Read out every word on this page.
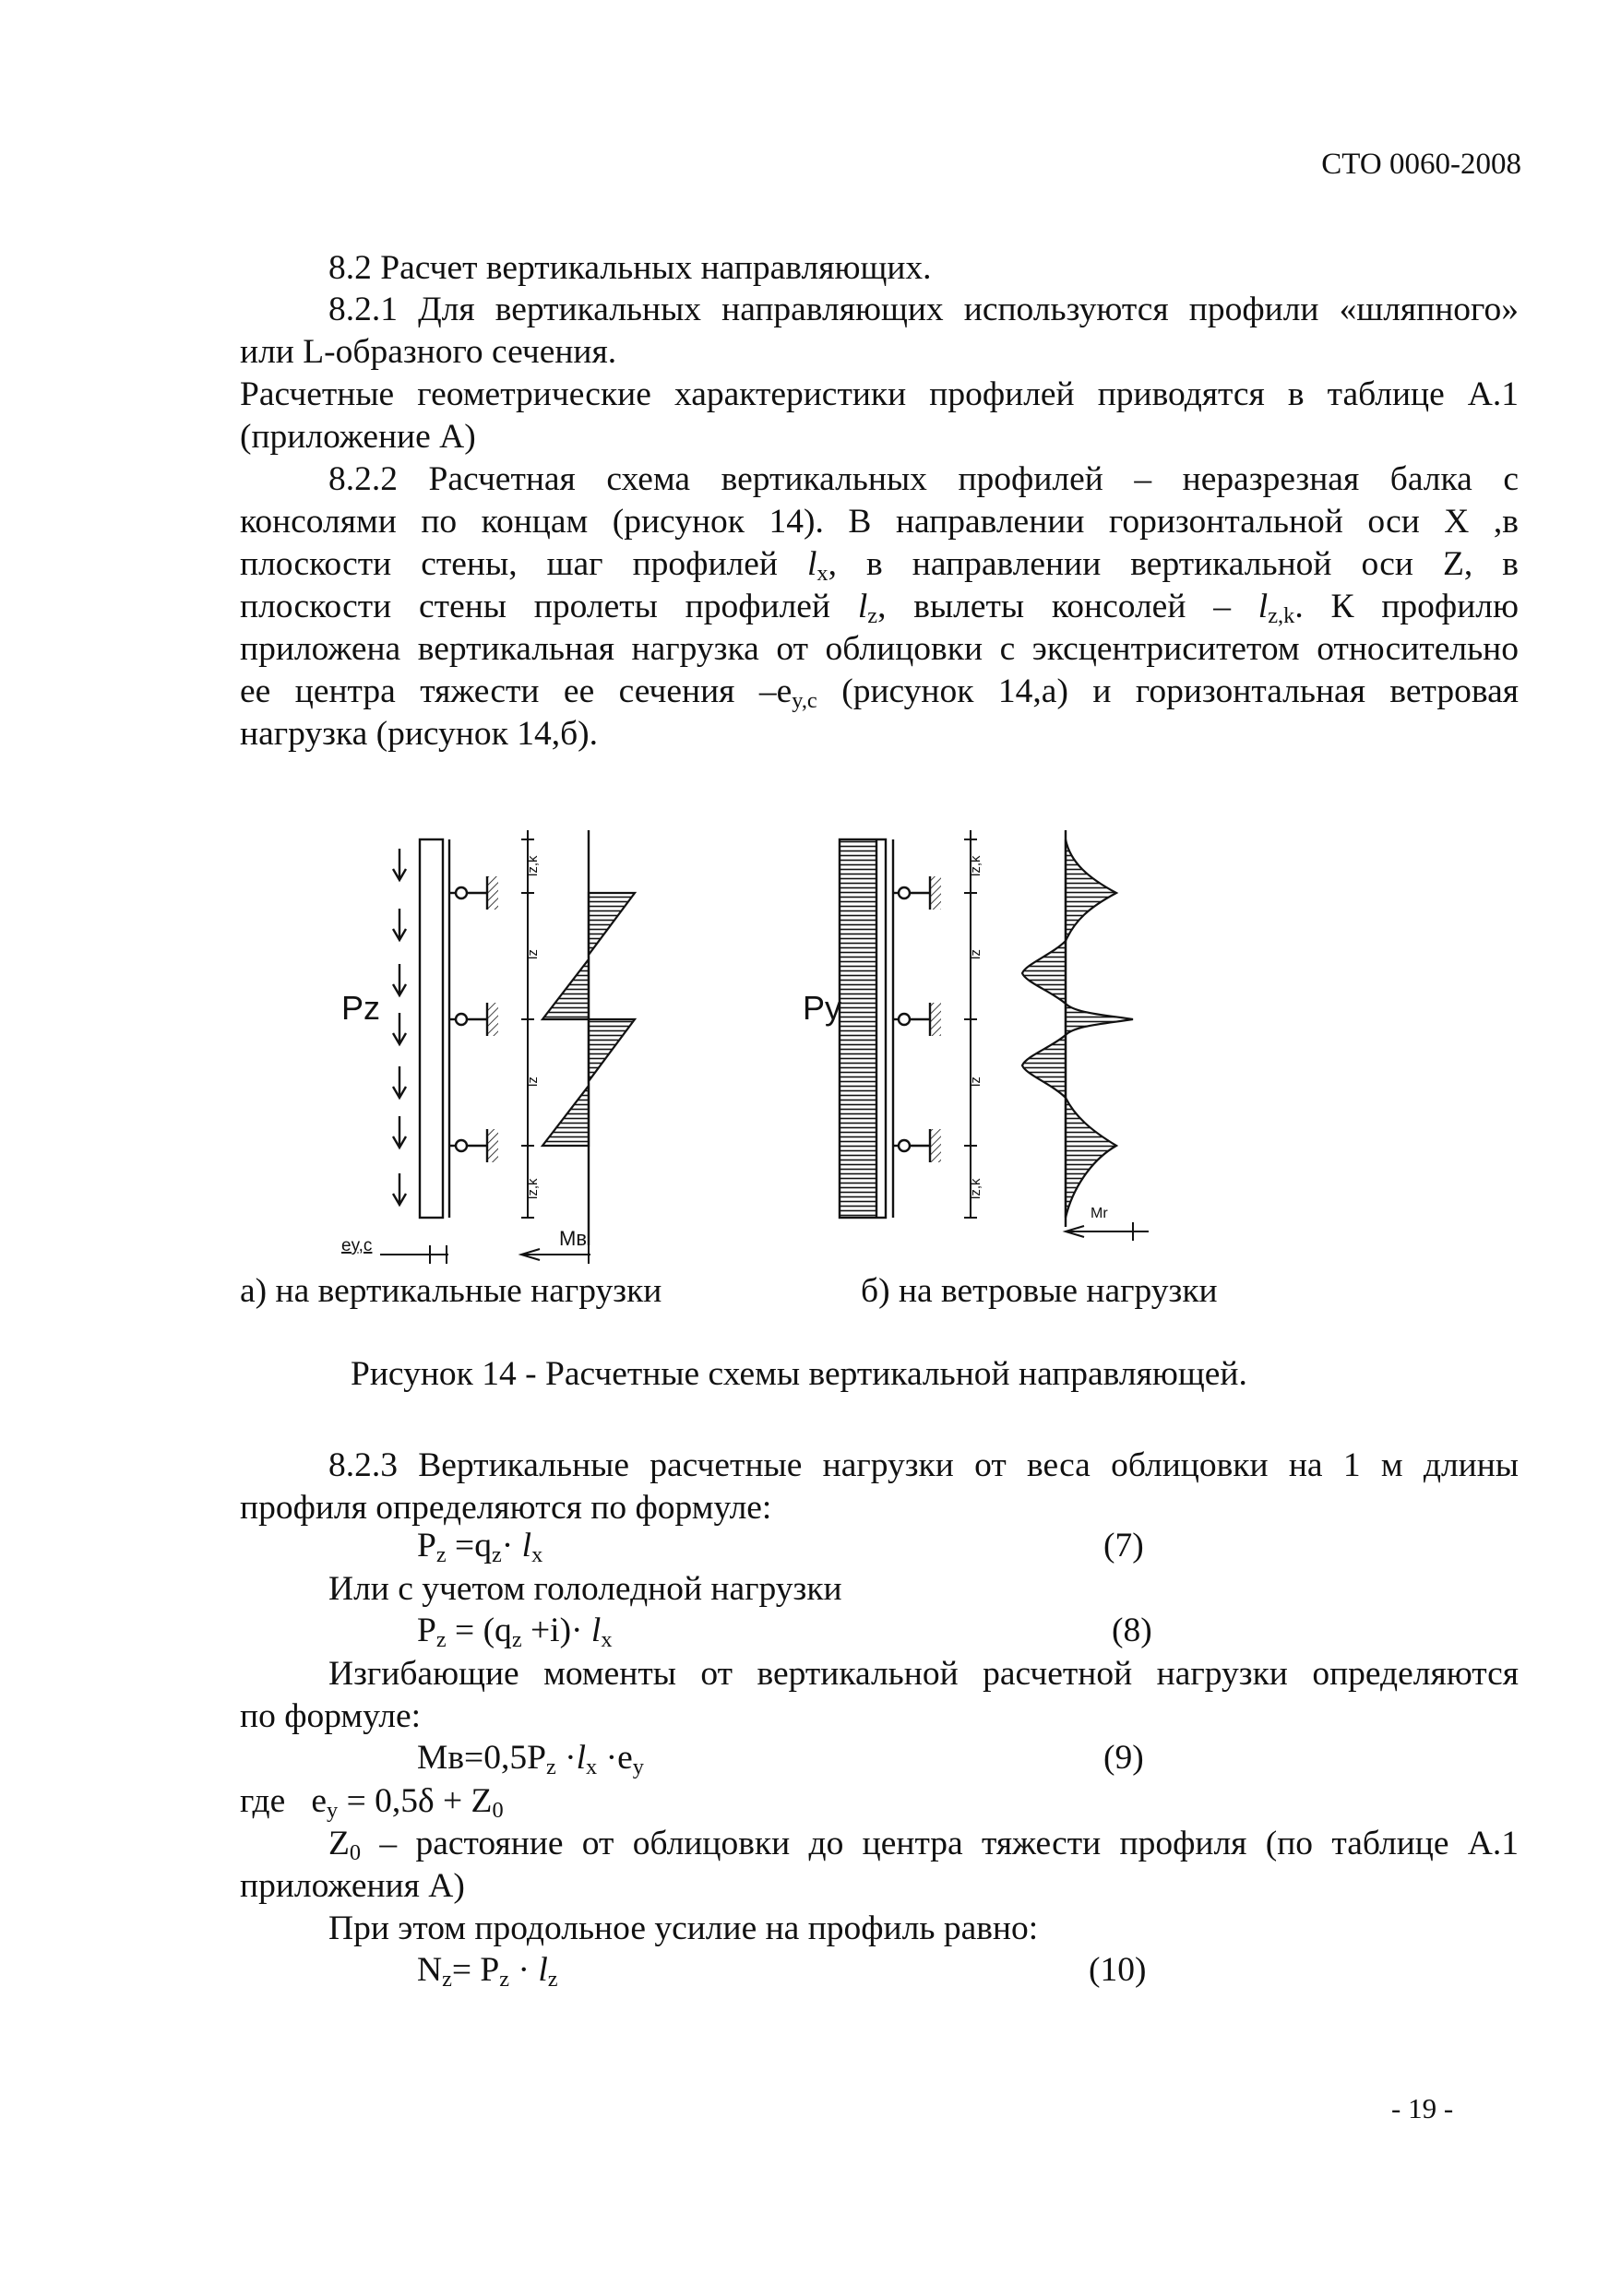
СТО 0060-2008
8.2 Расчет вертикальных направляющих.
8.2.1 Для вертикальных направляющих используются профили «шляпного»
или L-образного сечения.
Расчетные геометрические характеристики профилей приводятся в таблице А.1
(приложение А)
8.2.2 Расчетная схема вертикальных профилей – неразрезная балка с
консолями по концам (рисунок 14). В направлении горизонтальной оси X ,в
плоскости стены, шаг профилей $l_x$, в направлении вертикальной оси Z, в
плоскости стены пролеты профилей $l_z$, вылеты консолей – $l_{z,k}$. К профилю
приложена вертикальная нагрузка от облицовки с эксцентриситетом относительно
ее центра тяжести ее сечения $-e_{y,c}$ (рисунок 14,а) и горизонтальная ветровая
нагрузка (рисунок 14,б).
Pz
lz,k
lz
lz
lz,k
ey,c	Mв
Py
lz,k
lz
lz
lz,k
Mr
а) на вертикальные нагрузки	б) на ветровые нагрузки
Рисунок 14 - Расчетные схемы вертикальной направляющей.
8.2.3 Вертикальные расчетные нагрузки от веса облицовки на 1 м длины
профиля определяются по формуле:
$P_z =q_z\cdot l_x$	(7)
Или с учетом гололедной нагрузки
$P_z = (q_z +i)\cdot l_x$	(8)
Изгибающие моменты от вертикальной расчетной нагрузки определяются
по формуле:
$Mв=0,5P_z \cdot l_x \cdot e_y$	(9)
где   $e_y = 0,5\delta + Z_0$
$Z_0$ – растояние от облицовки до центра тяжести профиля (по таблице А.1
приложения А)
При этом продольное усилие на профиль равно:
$N_z= P_z \cdot l_z$	(10)
- 19 -
